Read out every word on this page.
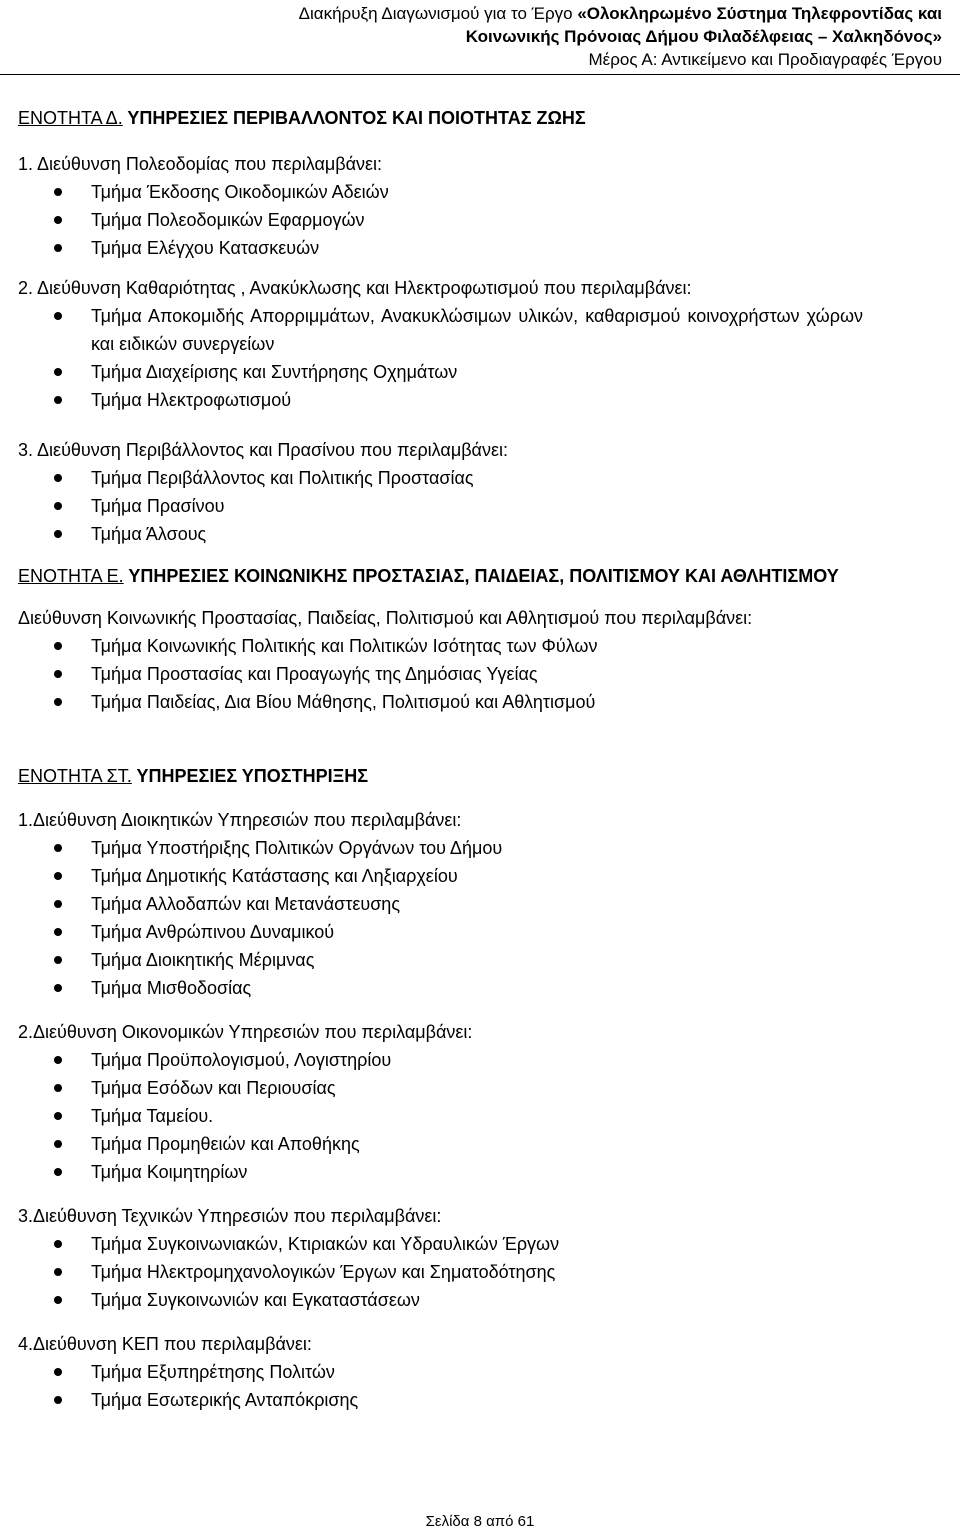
Διακήρυξη Διαγωνισμού για το Έργο «Ολοκληρωμένο Σύστημα Τηλεφροντίδας και
Κοινωνικής Πρόνοιας Δήμου Φιλαδέλφειας – Χαλκηδόνος»
Μέρος Α: Αντικείμενο και Προδιαγραφές Έργου
ΕΝΟΤΗΤΑ Δ. ΥΠΗΡΕΣΙΕΣ ΠΕΡΙΒΑΛΛΟΝΤΟΣ ΚΑΙ ΠΟΙΟΤΗΤΑΣ ΖΩΗΣ
1. Διεύθυνση Πολεοδομίας που περιλαμβάνει:
Τμήμα Έκδοσης Οικοδομικών Αδειών
Τμήμα Πολεοδομικών Εφαρμογών
Τμήμα Ελέγχου Κατασκευών
2. Διεύθυνση Καθαριότητας , Ανακύκλωσης και Ηλεκτροφωτισμού που περιλαμβάνει:
Τμήμα Αποκομιδής Απορριμμάτων, Ανακυκλώσιμων υλικών, καθαρισμού κοινοχρήστων χώρων και ειδικών συνεργείων
Τμήμα Διαχείρισης και Συντήρησης Οχημάτων
Τμήμα Ηλεκτροφωτισμού
3. Διεύθυνση Περιβάλλοντος και Πρασίνου που περιλαμβάνει:
Τμήμα Περιβάλλοντος και Πολιτικής Προστασίας
Τμήμα Πρασίνου
Τμήμα Άλσους
ΕΝΟΤΗΤΑ Ε. ΥΠΗΡΕΣΙΕΣ ΚΟΙΝΩΝΙΚΗΣ ΠΡΟΣΤΑΣΙΑΣ, ΠΑΙΔΕΙΑΣ, ΠΟΛΙΤΙΣΜΟΥ ΚΑΙ ΑΘΛΗΤΙΣΜΟΥ
Διεύθυνση Κοινωνικής Προστασίας, Παιδείας, Πολιτισμού και Αθλητισμού που περιλαμβάνει:
Τμήμα Κοινωνικής Πολιτικής και Πολιτικών Ισότητας των Φύλων
Τμήμα Προστασίας και Προαγωγής της Δημόσιας Υγείας
Τμήμα Παιδείας, Δια Βίου Μάθησης, Πολιτισμού και Αθλητισμού
ΕΝΟΤΗΤΑ ΣΤ. ΥΠΗΡΕΣΙΕΣ ΥΠΟΣΤΗΡΙΞΗΣ
1.Διεύθυνση Διοικητικών Υπηρεσιών που περιλαμβάνει:
Τμήμα Υποστήριξης Πολιτικών Οργάνων του Δήμου
Τμήμα Δημοτικής Κατάστασης και Ληξιαρχείου
Τμήμα Αλλοδαπών και Μετανάστευσης
Τμήμα Ανθρώπινου Δυναμικού
Τμήμα Διοικητικής Μέριμνας
Τμήμα Μισθοδοσίας
2.Διεύθυνση Οικονομικών Υπηρεσιών που περιλαμβάνει:
Τμήμα Προϋπολογισμού, Λογιστηρίου
Τμήμα Εσόδων και Περιουσίας
Τμήμα Ταμείου.
Τμήμα Προμηθειών και Αποθήκης
Τμήμα Κοιμητηρίων
3.Διεύθυνση Τεχνικών Υπηρεσιών που περιλαμβάνει:
Τμήμα Συγκοινωνιακών, Κτιριακών και Υδραυλικών Έργων
Τμήμα Ηλεκτρομηχανολογικών Έργων και Σηματοδότησης
Τμήμα Συγκοινωνιών και Εγκαταστάσεων
4.Διεύθυνση ΚΕΠ που περιλαμβάνει:
Τμήμα Εξυπηρέτησης Πολιτών
Τμήμα Εσωτερικής Ανταπόκρισης
Σελίδα 8 από 61
